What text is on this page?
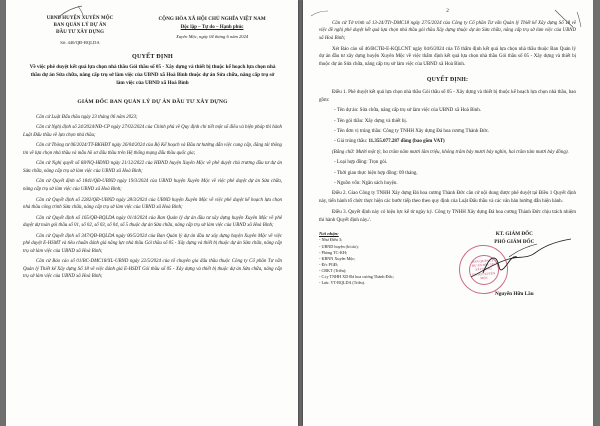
UBND HUYỆN XUYÊN MỘC
BAN QUẢN LÝ DỰ ÁN
ĐẦU TƯ XÂY DỰNG
Số: 440/QĐ-BQLDA
CỘNG HÒA XÃ HỘI CHỦ NGHĨA VIỆT NAM
Độc lập – Tự do – Hạnh phúc
Xuyên Mộc, ngày 04 tháng 6 năm 2024
QUYẾT ĐỊNH
Về việc phê duyệt kết quả lựa chọn nhà thầu Gói thầu số 05 - Xây dựng và thiết bị thuộc kế hoạch lựa chọn nhà thầu dự án Sửa chữa, nâng cấp trụ sở làm việc của UBND xã Hoà Bình thuộc dự án Sửa chữa, nâng cấp trụ sở làm việc của UBND xã Hoà Bình
GIÁM ĐỐC BAN QUẢN LÝ DỰ ÁN ĐẦU TƯ XÂY DỰNG
Căn cứ Luật Đấu thầu ngày 23 tháng 06 năm 2023;
Căn cứ Nghị định số 24/2024/NĐ-CP ngày 27/02/2024 của Chính phủ về Quy định chi tiết một số điều và biện pháp thi hành Luật Đấu thầu về lựa chọn nhà thầu;
Căn cứ Thông tư 06/2024/TT-BKHĐT ngày 26/04/2024 của Bộ Kế hoạch và Đầu tư hướng dẫn việc cung cấp, đăng tải thông tin về lựa chọn nhà thầu và mẫu hồ sơ đấu thầu trên Hệ thống mạng đấu thầu quốc gia;
Căn cứ Nghị quyết số 68/NQ-HĐND ngày 21/12/2022 của HĐND huyện Xuyên Mộc về phê duyệt chủ trương đầu tư dự án Sửa chữa, nâng cấp trụ sở làm việc của UBND xã Hoà Bình;
Căn cứ Quyết định số 1841/QĐ-UBND ngày 19/3/2024 của UBND huyện Xuyên Mộc về việc phê duyệt dự án Sửa chữa, nâng cấp trụ sở làm việc của UBND xã Hoà Bình;
Căn cứ Quyết định số 2282/QĐ-UBND ngày 28/3/2024 của UBND huyện Xuyên Mộc về việc phê duyệt kế hoạch lựa chọn nhà thầu công trình Sửa chữa, nâng cấp trụ sở làm việc của UBND xã Hoà Bình;
Căn cứ Quyết định số 165/QĐ-BQLDA ngày 01/4/2024 của Ban Quản lý dự án đầu tư xây dựng huyện Xuyên Mộc về phê duyệt dự toán gói thầu số 01, số 02, số 03, số 04, số 5 thuộc dự án Sửa chữa, nâng cấp trụ sở làm việc của UBND xã Hoà Bình;
Căn cứ Quyết định số 347/QĐ-BQLDA ngày 06/5/2024 của Ban Quản lý dự án đầu tư xây dựng huyện Xuyên Mộc về việc phê duyệt E-HSMT và tiêu chuẩn đánh giá năng lực nhà thầu Gói thầu số 05 - Xây dựng và thiết bị thuộc dự án Sửa chữa, nâng cấp trụ sở làm việc của UBND xã Hoà Bình;
Căn cứ Báo cáo số 01/BC-DMC18/XL-UBND ngày 22/5/2024 của tổ chuyên gia đấu thầu thuộc Công ty Cổ phần Tư vấn Quản lý Thiết kế Xây dựng Số 18 về việc đánh giá E-HSDT Gói thầu số 05 - Xây dựng và thiết bị thuộc dự án Sửa chữa, nâng cấp trụ sở làm việc của UBND xã Hoà Bình;
2
Căn cứ Tờ trình số 13-24/TTr-DMC18 ngày 27/5/2024 của Công ty Cổ phần Tư vấn Quản lý Thiết kế Xây dựng Số 18 về việc đề nghị phê duyệt kết quả lựa chọn nhà thầu gói thầu Xây dựng thuộc dự án Sửa chữa, nâng cấp trụ sở làm việc của UBND xã Hoà Bình;
Xét Báo cáo số 46/BCTĐ-E-KQLCNT ngày 04/6/2024 của Tổ thẩm định kết quả lựa chọn nhà thầu thuộc Ban Quản lý dự án đầu tư xây dựng huyện Xuyên Mộc về việc thẩm định kết quả lựa chọn nhà thầu Gói thầu số 05 - Xây dựng và thiết bị thuộc dự án Sửa chữa, nâng cấp trụ sở làm việc của UBND xã Hoà Bình.
QUYẾT ĐỊNH:
Điều 1. Phê duyệt kết quả lựa chọn nhà thầu Gói thầu số 05 - Xây dựng và thiết bị thuộc kế hoạch lựa chọn nhà thầu, bao gồm:
- Tên dự án: Sửa chữa, nâng cấp trụ sở làm việc của UBND xã Hoà Bình.
- Tên gói thầu: Xây dựng và thiết bị.
- Tên đơn vị trúng thầu: Công ty TNHH Xây dựng Đá hoa cương Thành Đức.
- Giá trúng thầu: 11.355.077.287 đồng (bao gồm VAT)
(Bằng chữ: Mười một tỷ, ba trăm năm mươi lăm triệu, không trăm bảy mươi bảy nghìn, hai trăm tám mươi bảy đồng).
- Loại hợp đồng: Trọn gói.
- Thời gian thực hiện hợp đồng: 09 tháng.
- Nguồn vốn: Ngân sách huyện.
Điều 2. Giao Công ty TNHH Xây dựng Đá hoa cương Thành Đức căn cứ nội dung được phê duyệt tại Điều 1 Quyết định này, tiến hành tổ chức thực hiện các bước tiếp theo theo quy định của Luật Đấu thầu và các văn bản hướng dẫn hiện hành.
Điều 3. Quyết định này có hiệu lực kể từ ngày ký. Công ty TNHH Xây dựng Đá hoa cương Thành Đức chịu trách nhiệm thi hành Quyết định này./.
Nơi nhận:
- Như Điều 3;
- UBND huyện (b/cáo);
- Phòng TC-KH;
- KBNN Xuyên Mộc;
- Đ/c PGĐ;
- CBKT (Triều);
- C.ty TNHH XD Đá hoa cương Thành Đức;
- Lưu: VT-BQLDA (Triều).
KT. GIÁM ĐỐC
PHÓ GIÁM ĐỐC
BAN QUẢN LÝ DỰ ÁN ĐẦU TƯ XÂY DỰNG HUYỆN XUYÊN MỘC
Nguyễn Hữu Lầu
